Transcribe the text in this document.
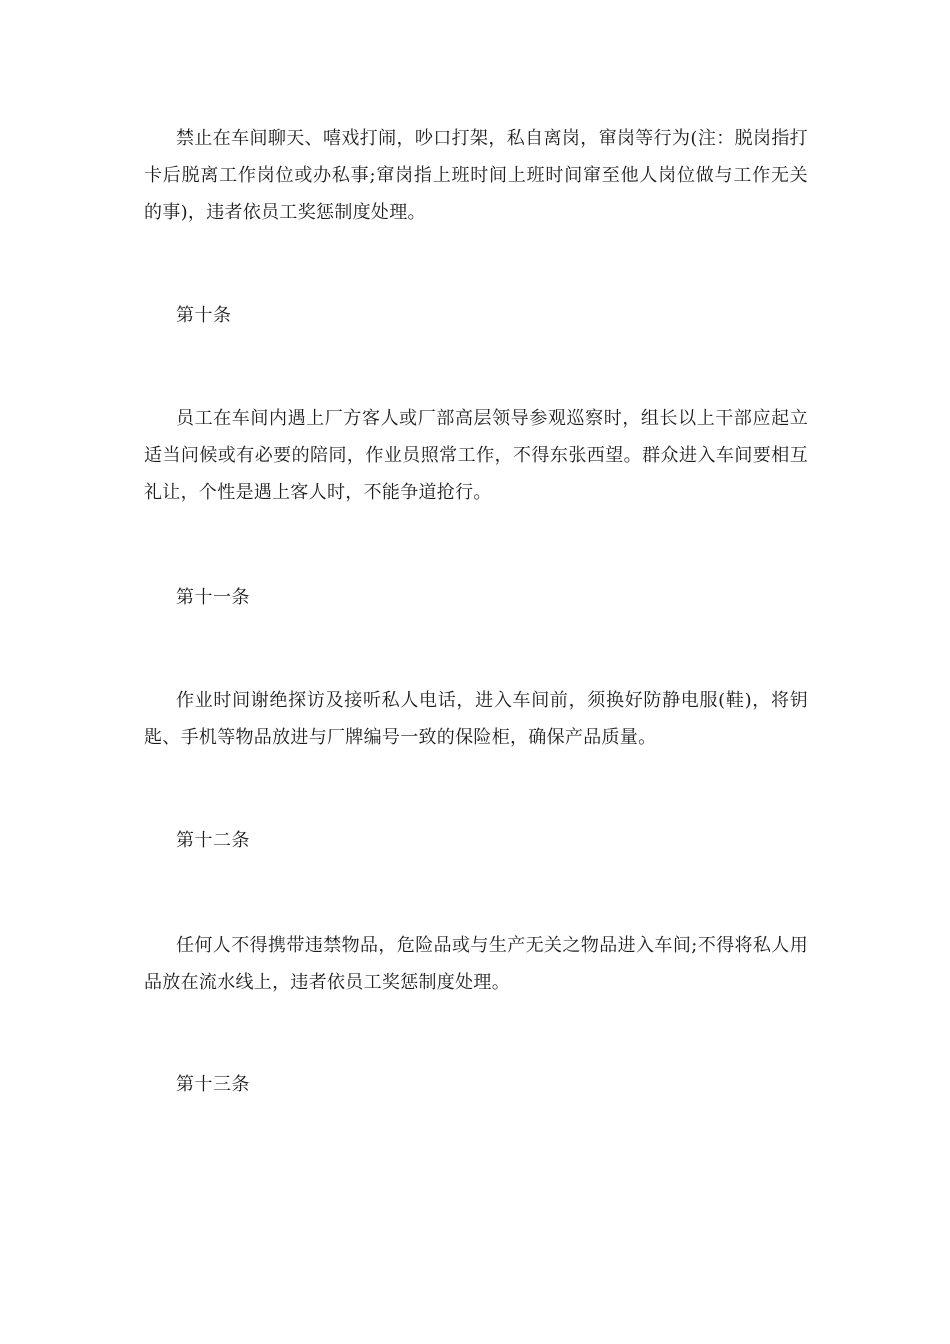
禁止在车间聊天、嘻戏打闹，吵口打架，私自离岗，窜岗等行为(注：脱岗指打卡后脱离工作岗位或办私事;窜岗指上班时间上班时间窜至他人岗位做与工作无关的事)，违者依员工奖惩制度处理。

第十条

员工在车间内遇上厂方客人或厂部高层领导参观巡察时，组长以上干部应起立适当问候或有必要的陪同，作业员照常工作，不得东张西望。群众进入车间要相互礼让，个性是遇上客人时，不能争道抢行。

第十一条

作业时间谢绝探访及接听私人电话，进入车间前，须换好防静电服(鞋)，将钥匙、手机等物品放进与厂牌编号一致的保险柜，确保产品质量。

第十二条

任何人不得携带违禁物品，危险品或与生产无关之物品进入车间;不得将私人用品放在流水线上，违者依员工奖惩制度处理。

第十三条
